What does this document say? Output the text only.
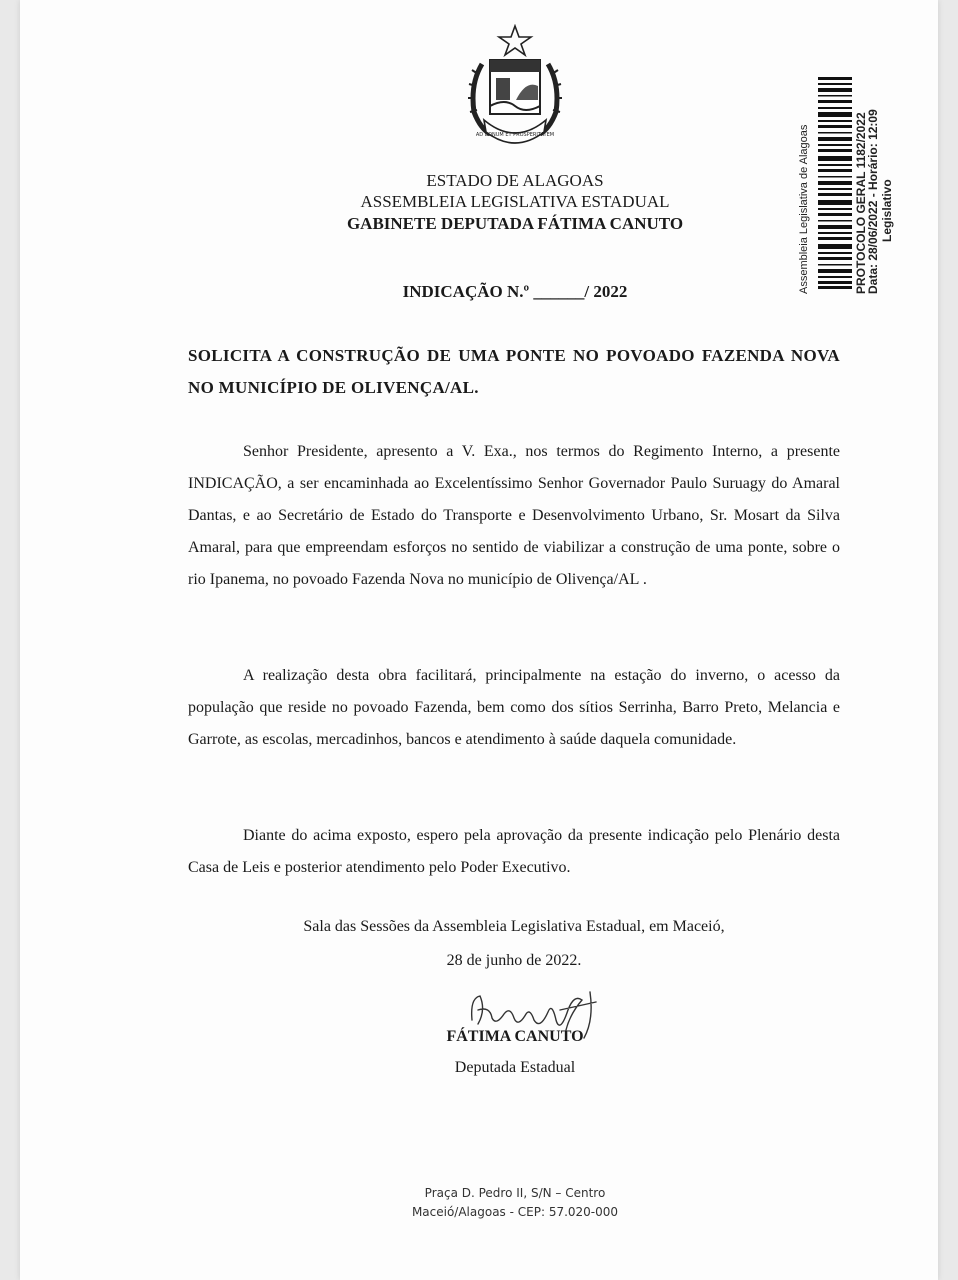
AD BONUM ET PROSPERITATEM
ESTADO DE ALAGOAS
ASSEMBLEIA LEGISLATIVA ESTADUAL
GABINETE DEPUTADA FÁTIMA CANUTO	Assembleia Legislativa de Alagoas	PROTOCOLO GERAL 1182/2022
Data: 28/06/2022 - Horário: 12:09 Legislativo
INDICAÇÃO N.º ______/ 2022
SOLICITA A CONSTRUÇÃO DE UMA PONTE NO POVOADO FAZENDA NOVA NO MUNICÍPIO DE OLIVENÇA/AL.

Senhor Presidente, apresento a V. Exa., nos termos do Regimento Interno, a presente INDICAÇÃO, a ser encaminhada ao Excelentíssimo Senhor Governador Paulo Suruagy do Amaral Dantas, e ao Secretário de Estado do Transporte e Desenvolvimento Urbano, Sr. Mosart da Silva Amaral, para que empreendam esforços no sentido de viabilizar a construção de uma ponte, sobre o rio Ipanema, no povoado Fazenda Nova no município de Olivença/AL .

A realização desta obra facilitará, principalmente na estação do inverno, o acesso da população que reside no povoado Fazenda, bem como dos sítios Serrinha, Barro Preto, Melancia e Garrote, as escolas, mercadinhos, bancos e atendimento à saúde daquela comunidade.

Diante do acima exposto, espero pela aprovação da presente indicação pelo Plenário desta Casa de Leis e posterior atendimento pelo Poder Executivo.

Sala das Sessões da Assembleia Legislativa Estadual, em Maceió,
28 de junho de 2022.
FÁTIMA CANUTO
Deputada Estadual
Praça D. Pedro II, S/N – Centro
Maceió/Alagoas - CEP: 57.020-000
